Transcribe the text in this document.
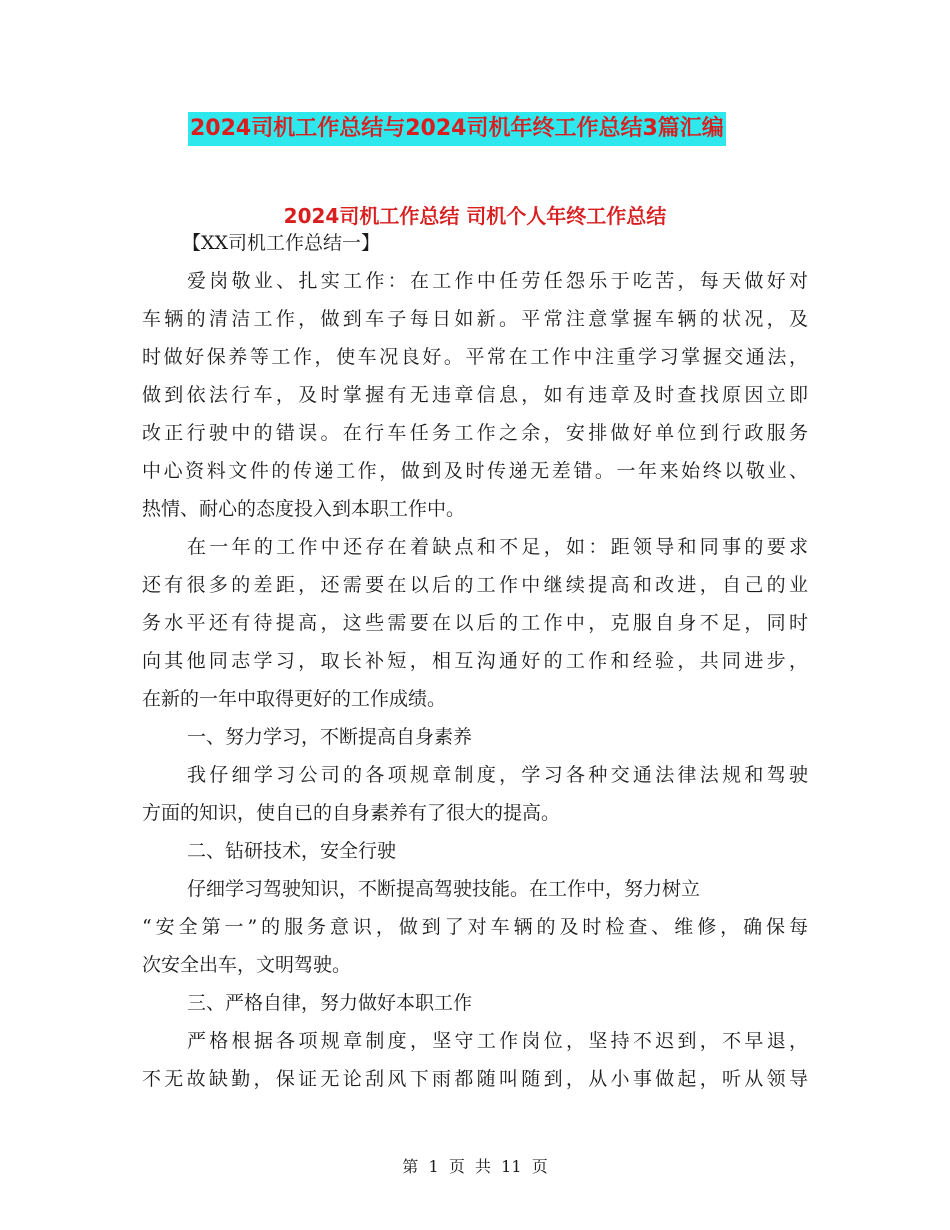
2024司机工作总结与2024司机年终工作总结3篇汇编
2024司机工作总结 司机个人年终工作总结
【XX司机工作总结一】
爱岗敬业、扎实工作：在工作中任劳任怨乐于吃苦，每天做好对
车辆的清洁工作，做到车子每日如新。平常注意掌握车辆的状况，及
时做好保养等工作，使车况良好。平常在工作中注重学习掌握交通法，
做到依法行车，及时掌握有无违章信息，如有违章及时查找原因立即
改正行驶中的错误。在行车任务工作之余，安排做好单位到行政服务
中心资料文件的传递工作，做到及时传递无差错。一年来始终以敬业、
热情、耐心的态度投入到本职工作中。
在一年的工作中还存在着缺点和不足，如：距领导和同事的要求
还有很多的差距，还需要在以后的工作中继续提高和改进，自己的业
务水平还有待提高，这些需要在以后的工作中，克服自身不足，同时
向其他同志学习，取长补短，相互沟通好的工作和经验，共同进步，
在新的一年中取得更好的工作成绩。
一、努力学习，不断提高自身素养
我仔细学习公司的各项规章制度，学习各种交通法律法规和驾驶
方面的知识，使自已的自身素养有了很大的提高。
二、钻研技术，安全行驶
仔细学习驾驶知识，不断提高驾驶技能。在工作中，努力树立
“安全第一”的服务意识，做到了对车辆的及时检查、维修，确保每
次安全出车，文明驾驶。
三、严格自律，努力做好本职工作
严格根据各项规章制度，坚守工作岗位，坚持不迟到，不早退，
不无故缺勤，保证无论刮风下雨都随叫随到，从小事做起，听从领导
第  1  页  共  11  页
